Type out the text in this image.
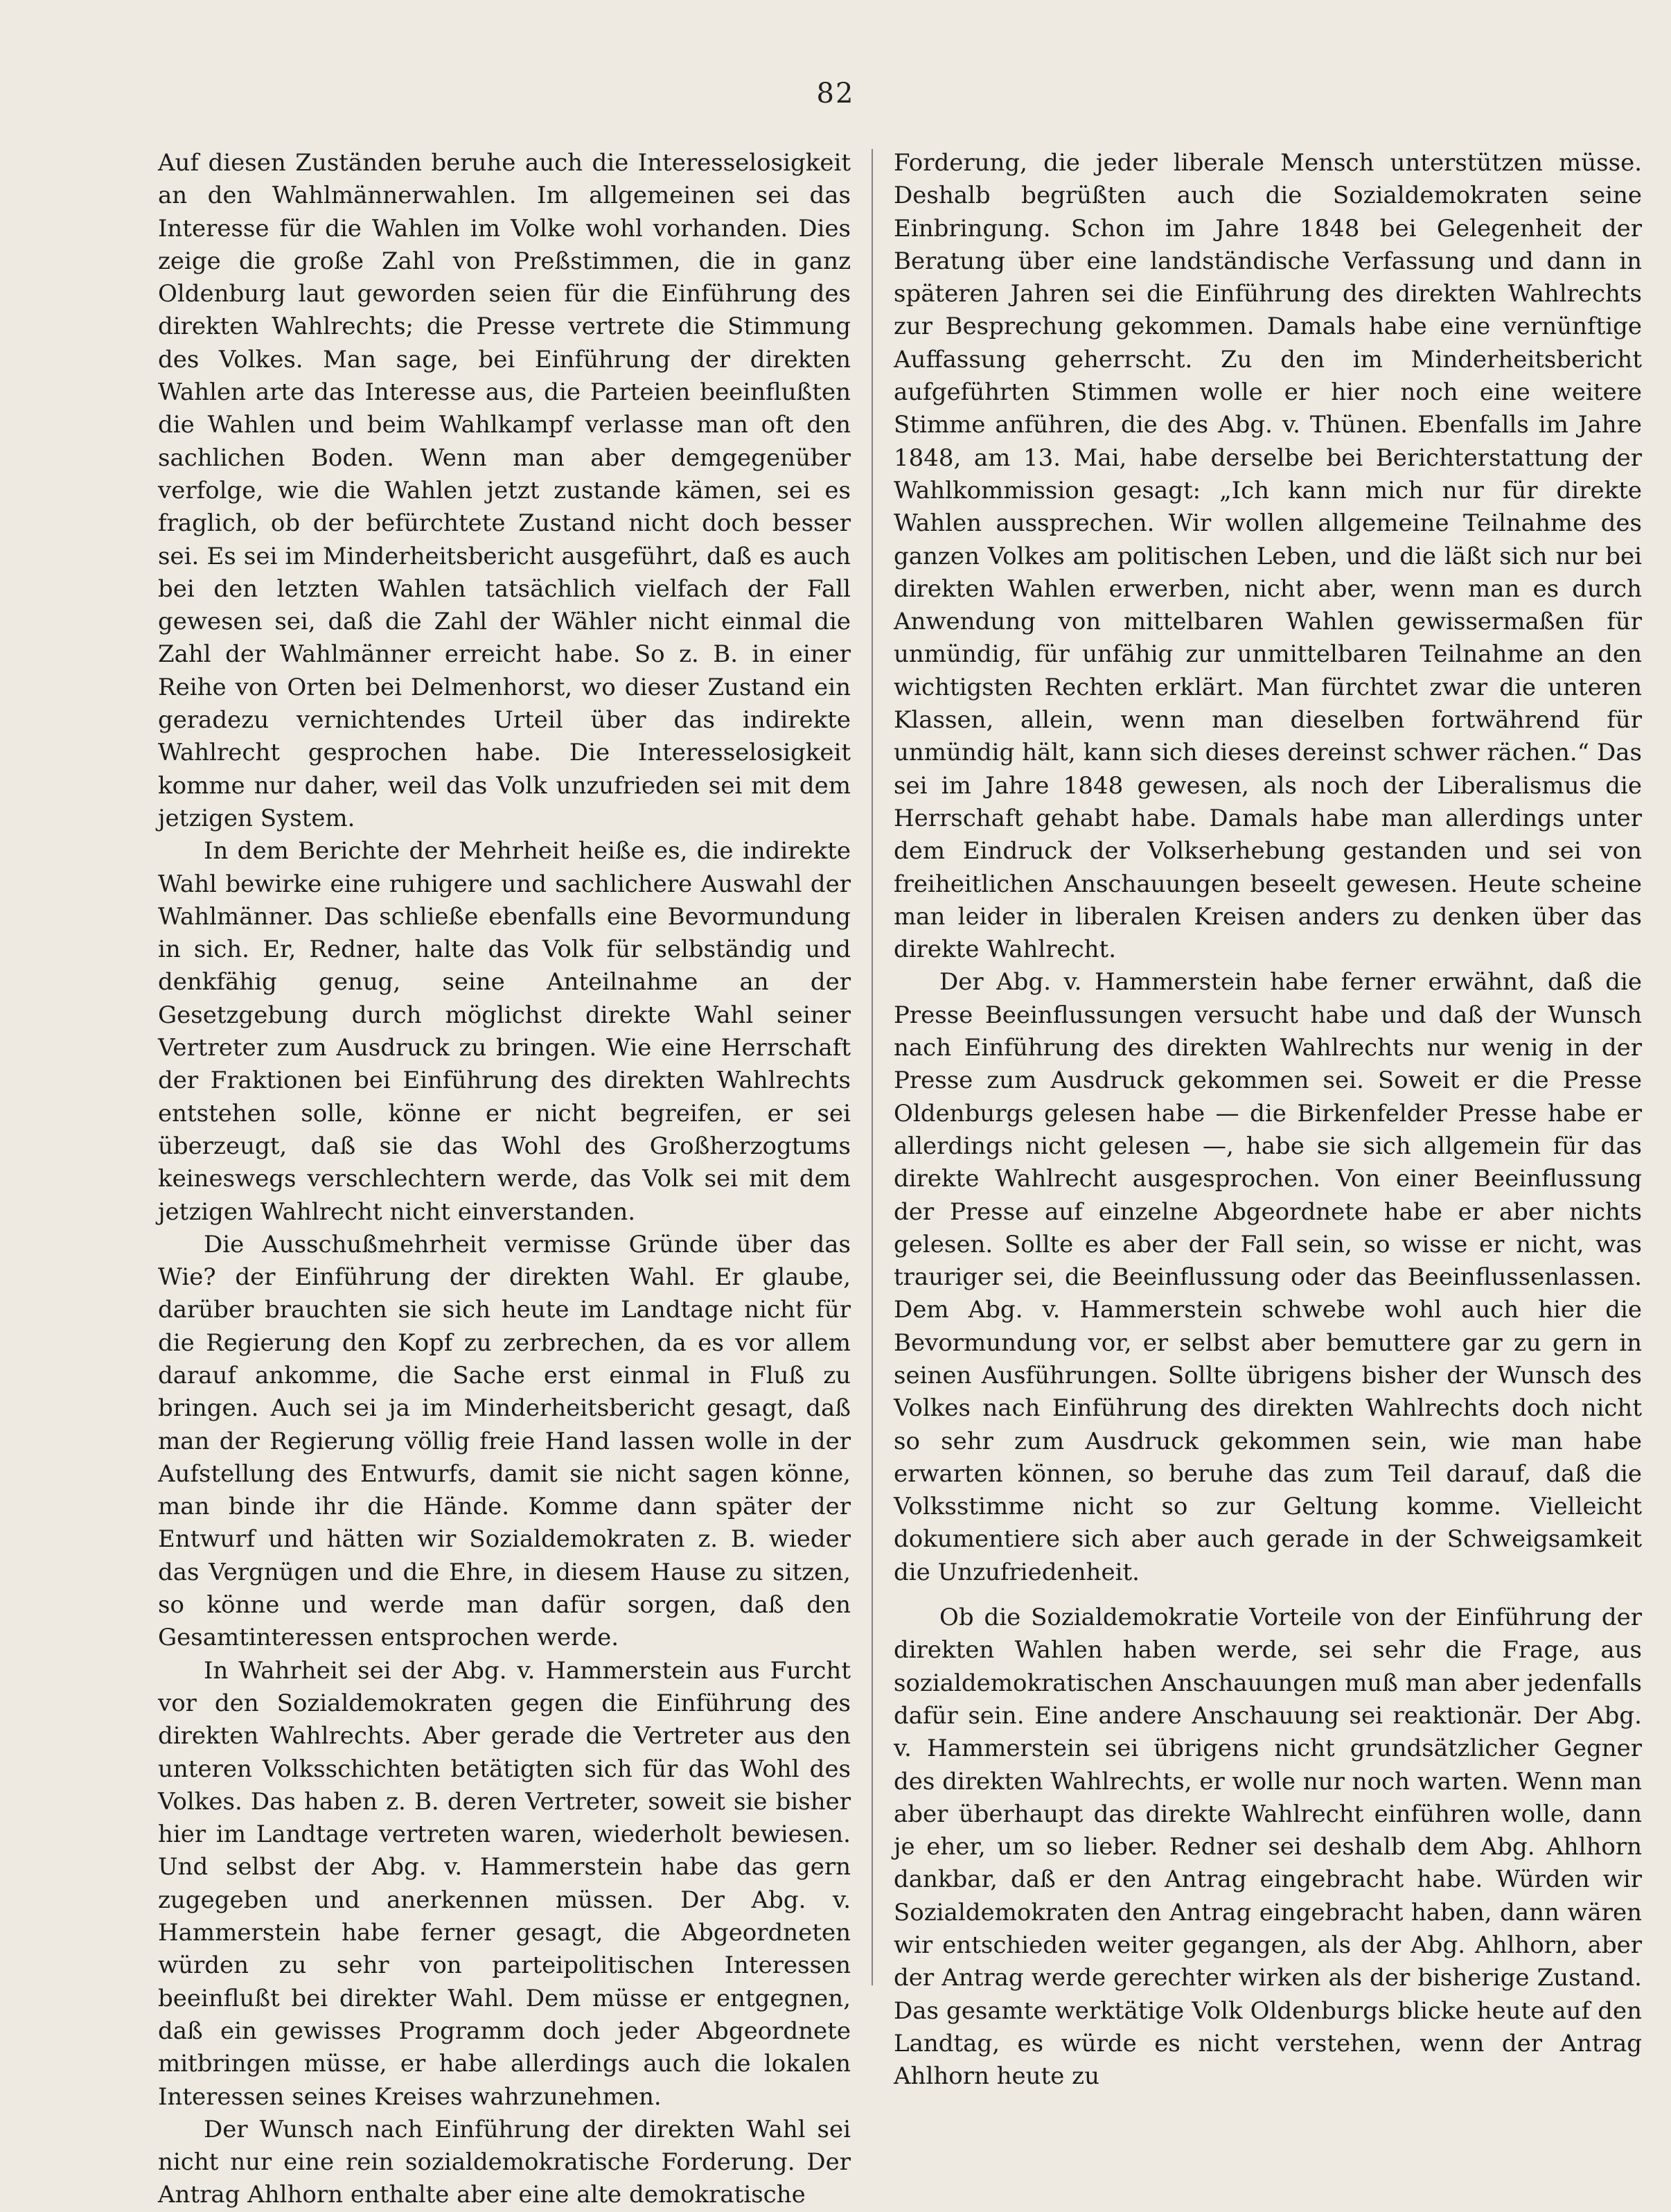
82

Auf diesen Zuständen beruhe auch die Interesselosigkeit an den Wahlmännerwahlen. Im allgemeinen sei das Interesse für die Wahlen im Volke wohl vorhanden. Dies zeige die große Zahl von Preßstimmen, die in ganz Oldenburg laut geworden seien für die Einführung des direkten Wahlrechts; die Presse vertrete die Stimmung des Volkes. Man sage, bei Einführung der direkten Wahlen arte das Interesse aus, die Parteien beeinflußten die Wahlen und beim Wahlkampf verlasse man oft den sachlichen Boden. Wenn man aber demgegenüber verfolge, wie die Wahlen jetzt zustande kämen, sei es fraglich, ob der befürchtete Zustand nicht doch besser sei. Es sei im Minderheitsbericht ausgeführt, daß es auch bei den letzten Wahlen tatsächlich vielfach der Fall gewesen sei, daß die Zahl der Wähler nicht einmal die Zahl der Wahlmänner erreicht habe. So z. B. in einer Reihe von Orten bei Delmenhorst, wo dieser Zustand ein geradezu vernichtendes Urteil über das indirekte Wahlrecht gesprochen habe. Die Interesselosigkeit komme nur daher, weil das Volk unzufrieden sei mit dem jetzigen System.

In dem Berichte der Mehrheit heiße es, die indirekte Wahl bewirke eine ruhigere und sachlichere Auswahl der Wahlmänner. Das schließe ebenfalls eine Bevormundung in sich. Er, Redner, halte das Volk für selbständig und denkfähig genug, seine Anteilnahme an der Gesetzgebung durch möglichst direkte Wahl seiner Vertreter zum Ausdruck zu bringen. Wie eine Herrschaft der Fraktionen bei Einführung des direkten Wahlrechts entstehen solle, könne er nicht begreifen, er sei überzeugt, daß sie das Wohl des Großherzogtums keineswegs verschlechtern werde, das Volk sei mit dem jetzigen Wahlrecht nicht einverstanden.

Die Ausschußmehrheit vermisse Gründe über das Wie? der Einführung der direkten Wahl. Er glaube, darüber brauchten sie sich heute im Landtage nicht für die Regierung den Kopf zu zerbrechen, da es vor allem darauf ankomme, die Sache erst einmal in Fluß zu bringen. Auch sei ja im Minderheitsbericht gesagt, daß man der Regierung völlig freie Hand lassen wolle in der Aufstellung des Entwurfs, damit sie nicht sagen könne, man binde ihr die Hände. Komme dann später der Entwurf und hätten wir Sozialdemokraten z. B. wieder das Vergnügen und die Ehre, in diesem Hause zu sitzen, so könne und werde man dafür sorgen, daß den Gesamtinteressen entsprochen werde.

In Wahrheit sei der Abg. v. Hammerstein aus Furcht vor den Sozialdemokraten gegen die Einführung des direkten Wahlrechts. Aber gerade die Vertreter aus den unteren Volksschichten betätigten sich für das Wohl des Volkes. Das haben z. B. deren Vertreter, soweit sie bisher hier im Landtage vertreten waren, wiederholt bewiesen. Und selbst der Abg. v. Hammerstein habe das gern zugegeben und anerkennen müssen. Der Abg. v. Hammerstein habe ferner gesagt, die Abgeordneten würden zu sehr von parteipolitischen Interessen beeinflußt bei direkter Wahl. Dem müsse er entgegnen, daß ein gewisses Programm doch jeder Abgeordnete mitbringen müsse, er habe allerdings auch die lokalen Interessen seines Kreises wahrzunehmen.

Der Wunsch nach Einführung der direkten Wahl sei nicht nur eine rein sozialdemokratische Forderung. Der Antrag Ahlhorn enthalte aber eine alte demokratische

Forderung, die jeder liberale Mensch unterstützen müsse. Deshalb begrüßten auch die Sozialdemokraten seine Einbringung. Schon im Jahre 1848 bei Gelegenheit der Beratung über eine landständische Verfassung und dann in späteren Jahren sei die Einführung des direkten Wahlrechts zur Besprechung gekommen. Damals habe eine vernünftige Auffassung geherrscht. Zu den im Minderheitsbericht aufgeführten Stimmen wolle er hier noch eine weitere Stimme anführen, die des Abg. v. Thünen. Ebenfalls im Jahre 1848, am 13. Mai, habe derselbe bei Berichterstattung der Wahlkommission gesagt: „Ich kann mich nur für direkte Wahlen aussprechen. Wir wollen allgemeine Teilnahme des ganzen Volkes am politischen Leben, und die läßt sich nur bei direkten Wahlen erwerben, nicht aber, wenn man es durch Anwendung von mittelbaren Wahlen gewissermaßen für unmündig, für unfähig zur unmittelbaren Teilnahme an den wichtigsten Rechten erklärt. Man fürchtet zwar die unteren Klassen, allein, wenn man dieselben fortwährend für unmündig hält, kann sich dieses dereinst schwer rächen.“ Das sei im Jahre 1848 gewesen, als noch der Liberalismus die Herrschaft gehabt habe. Damals habe man allerdings unter dem Eindruck der Volkserhebung gestanden und sei von freiheitlichen Anschauungen beseelt gewesen. Heute scheine man leider in liberalen Kreisen anders zu denken über das direkte Wahlrecht.

Der Abg. v. Hammerstein habe ferner erwähnt, daß die Presse Beeinflussungen versucht habe und daß der Wunsch nach Einführung des direkten Wahlrechts nur wenig in der Presse zum Ausdruck gekommen sei. Soweit er die Presse Oldenburgs gelesen habe — die Birkenfelder Presse habe er allerdings nicht gelesen —, habe sie sich allgemein für das direkte Wahlrecht ausgesprochen. Von einer Beeinflussung der Presse auf einzelne Abgeordnete habe er aber nichts gelesen. Sollte es aber der Fall sein, so wisse er nicht, was trauriger sei, die Beeinflussung oder das Beeinflussenlassen. Dem Abg. v. Hammerstein schwebe wohl auch hier die Bevormundung vor, er selbst aber bemuttere gar zu gern in seinen Ausführungen. Sollte übrigens bisher der Wunsch des Volkes nach Einführung des direkten Wahlrechts doch nicht so sehr zum Ausdruck gekommen sein, wie man habe erwarten können, so beruhe das zum Teil darauf, daß die Volksstimme nicht so zur Geltung komme. Vielleicht dokumentiere sich aber auch gerade in der Schweigsamkeit die Unzufriedenheit.

Ob die Sozialdemokratie Vorteile von der Einführung der direkten Wahlen haben werde, sei sehr die Frage, aus sozialdemokratischen Anschauungen muß man aber jedenfalls dafür sein. Eine andere Anschauung sei reaktionär. Der Abg. v. Hammerstein sei übrigens nicht grundsätzlicher Gegner des direkten Wahlrechts, er wolle nur noch warten. Wenn man aber überhaupt das direkte Wahlrecht einführen wolle, dann je eher, um so lieber. Redner sei deshalb dem Abg. Ahlhorn dankbar, daß er den Antrag eingebracht habe. Würden wir Sozialdemokraten den Antrag eingebracht haben, dann wären wir entschieden weiter gegangen, als der Abg. Ahlhorn, aber der Antrag werde gerechter wirken als der bisherige Zustand. Das gesamte werktätige Volk Oldenburgs blicke heute auf den Landtag, es würde es nicht verstehen, wenn der Antrag Ahlhorn heute zu
